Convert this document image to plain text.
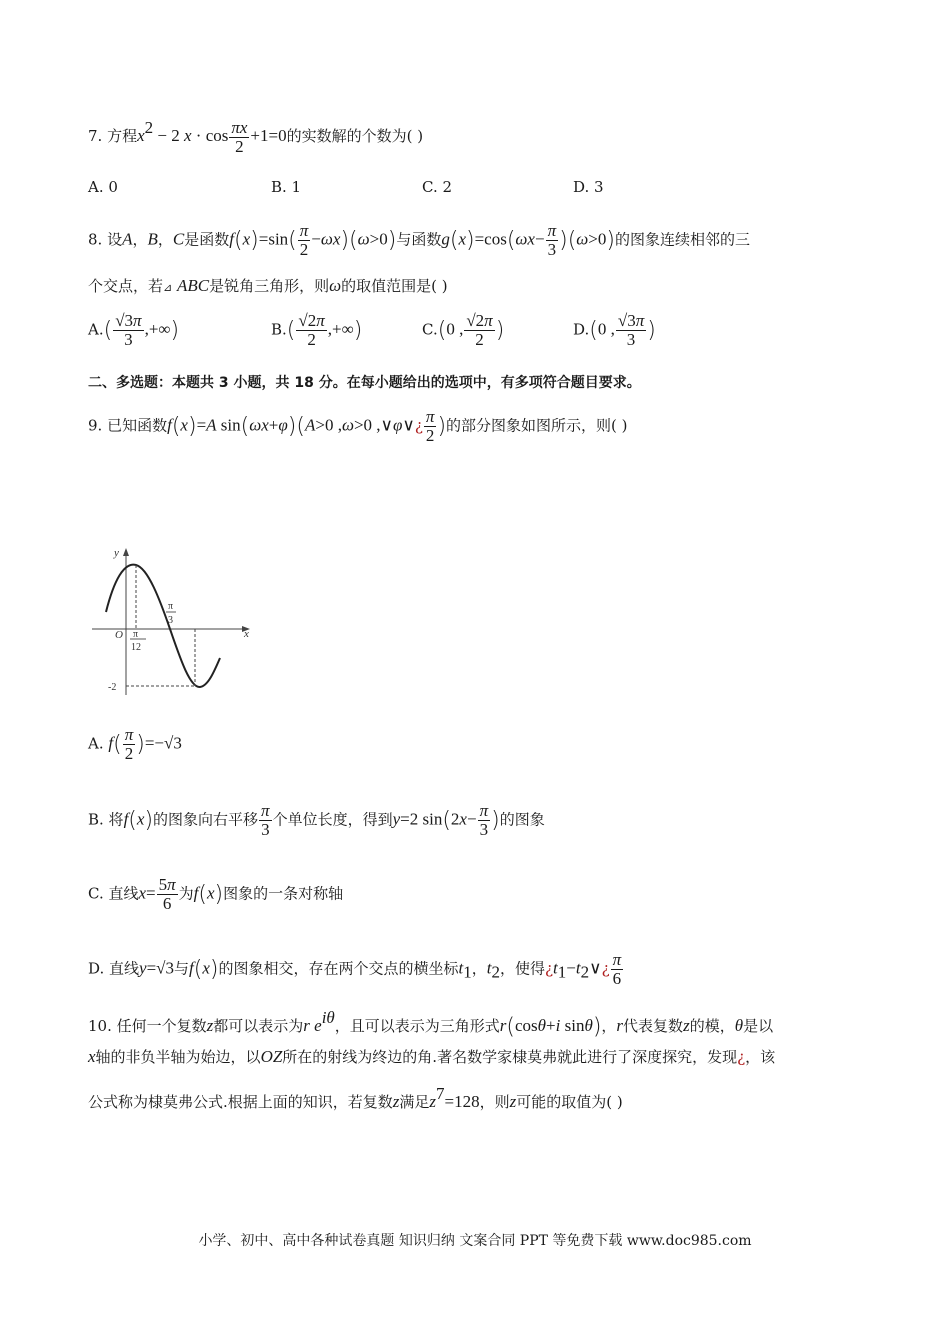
7. 方程$x^2 - 2$ $x \cdot \cos \frac{\pi x}{2} +1=0$的实数解的个数为( )
A. 0	B. 1	C. 2	D. 3
8. 设A，B，C是函数$f(x)=\sin( \frac{\pi}{2} -\omega x)(\omega>0)$与函数$g(x)=\cos(\omega x- \frac{\pi}{3} )(\omega>0)$的图象连续相邻的三
个交点，若⊿ ABC是锐角三角形，则ω的取值范围是( )
$A.( \frac{√3\pi}{3}$ ,+∞)	$B.( \frac{√2\pi}{2}$ ,+∞)	C.(0 , $\frac{√2\pi}{2}$ )	D.(0 , $\frac{√3\pi}{3}$ )
二、多选题：本题共 3 小题，共 18 分。在每小题给出的选项中，有多项符合题目要求。
9. 已知函数f(x)=A sin(ωx+φ)(A>0 ,ω>0 ,∨φ∨¿ $\frac{\pi}{2}$ )的部分图象如图所示，则( )
y
x
O π
12
π
3
-2
A. $f( \frac{\pi}{2} )=-√3$
B. 将f(x)的图象向右平移 $\frac{\pi}{3}$ 个单位长度，得到y=2 $\sin(2x- \frac{\pi}{3}$ )的图象
C. 直线$x= \frac{5\pi}{6}$ 为f(x)图象的一条对称轴
D. 直线y=√3与f(x)的图象相交，存在两个交点的横坐标$t_1$，$t_2$，使得¿$t_1-t_2\vee¿ \frac{\pi}{6}$
10. 任何一个复数z都可以表示为r $e^{i\theta}$，且可以表示为三角形式r(cosθ+i sinθ)，r代表复数z的模，θ是以
x轴的非负半轴为始边，以OZ所在的射线为终边的角.著名数学家棣莫弗就此进行了深度探究，发现¿，该
公式称为棣莫弗公式.根据上面的知识，若复数z满足$z^7=128$，则z可能的取值为( )
小学、初中、高中各种试卷真题 知识归纳 文案合同 PPT 等免费下载 www.doc985.com
